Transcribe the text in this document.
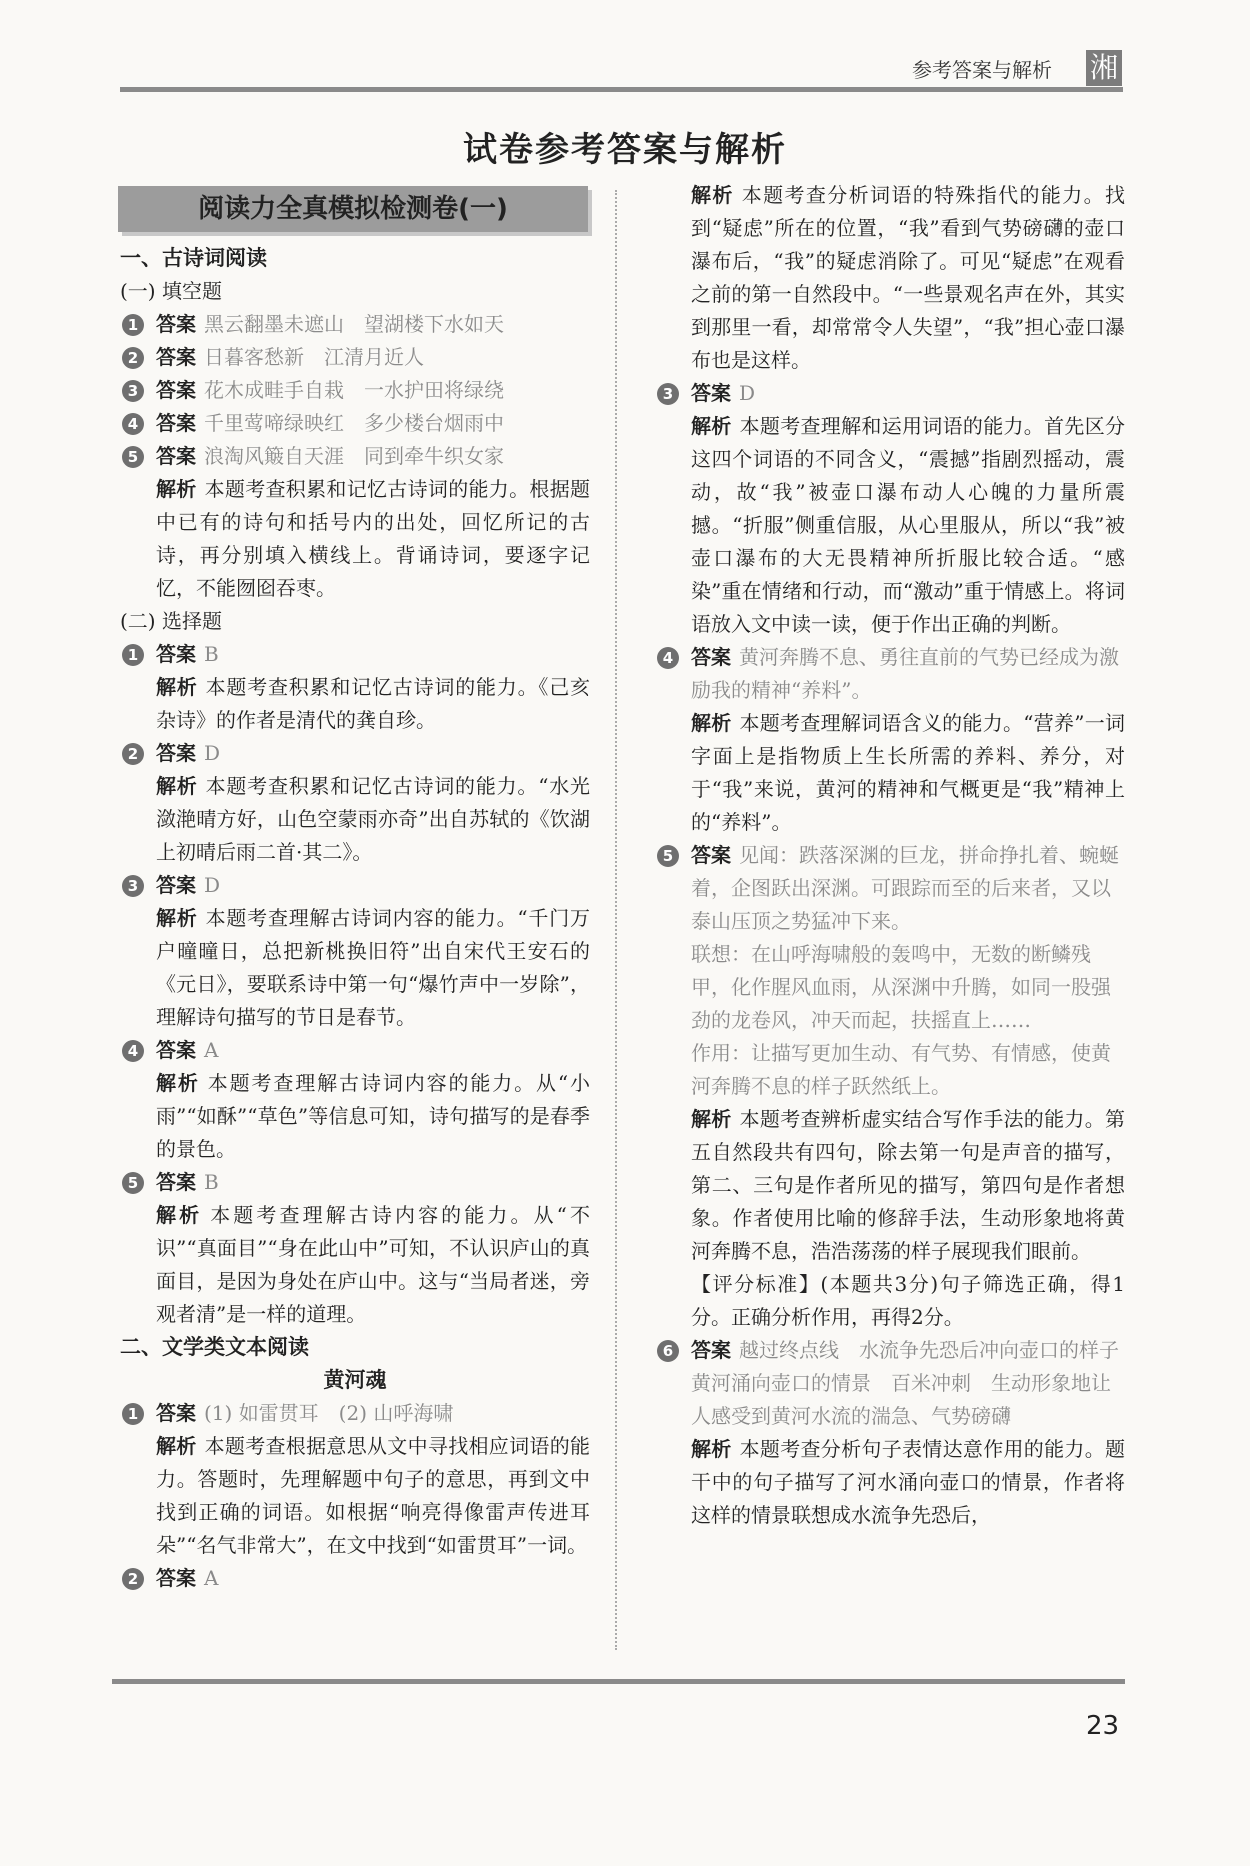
参考答案与解析 湘
试卷参考答案与解析
阅读力全真模拟检测卷(一)

一、古诗词阅读

(一) 填空题

1 答案 黑云翻墨未遮山　望湖楼下水如天

2 答案 日暮客愁新　江清月近人

3 答案 花木成畦手自栽　一水护田将绿绕

4 答案 千里莺啼绿映红　多少楼台烟雨中

5 答案 浪淘风簸自天涯　同到牵牛织女家

解析 本题考查积累和记忆古诗词的能力。根据题中已有的诗句和括号内的出处，回忆所记的古诗，再分别填入横线上。背诵诗词，要逐字记忆，不能囫囵吞枣。

(二) 选择题

1 答案 B

解析 本题考查积累和记忆古诗词的能力。《己亥杂诗》的作者是清代的龚自珍。

2 答案 D

解析 本题考查积累和记忆古诗词的能力。“水光潋滟晴方好，山色空蒙雨亦奇”出自苏轼的《饮湖上初晴后雨二首·其二》。

3 答案 D

解析 本题考查理解古诗词内容的能力。“千门万户曈曈日，总把新桃换旧符”出自宋代王安石的《元日》，要联系诗中第一句“爆竹声中一岁除”，理解诗句描写的节日是春节。

4 答案 A

解析 本题考查理解古诗词内容的能力。从“小雨”“如酥”“草色”等信息可知，诗句描写的是春季的景色。

5 答案 B

解析 本题考查理解古诗内容的能力。从“不识”“真面目”“身在此山中”可知，不认识庐山的真面目，是因为身处在庐山中。这与“当局者迷，旁观者清”是一样的道理。

二、文学类文本阅读

黄河魂

1 答案 (1) 如雷贯耳　(2) 山呼海啸

解析 本题考查根据意思从文中寻找相应词语的能力。答题时，先理解题中句子的意思，再到文中找到正确的词语。如根据“响亮得像雷声传进耳朵”“名气非常大”，在文中找到“如雷贯耳”一词。

2 答案 A

解析 本题考查分析词语的特殊指代的能力。找到“疑虑”所在的位置，“我”看到气势磅礴的壶口瀑布后，“我”的疑虑消除了。可见“疑虑”在观看之前的第一自然段中。“一些景观名声在外，其实到那里一看，却常常令人失望”，“我”担心壶口瀑布也是这样。

3 答案 D

解析 本题考查理解和运用词语的能力。首先区分这四个词语的不同含义，“震撼”指剧烈摇动，震动，故“我”被壶口瀑布动人心魄的力量所震撼。“折服”侧重信服，从心里服从，所以“我”被壶口瀑布的大无畏精神所折服比较合适。“感染”重在情绪和行动，而“激动”重于情感上。将词语放入文中读一读，便于作出正确的判断。

4 答案 黄河奔腾不息、勇往直前的气势已经成为激励我的精神“养料”。

解析 本题考查理解词语含义的能力。“营养”一词字面上是指物质上生长所需的养料、养分，对于“我”来说，黄河的精神和气概更是“我”精神上的“养料”。

5 答案 见闻：跌落深渊的巨龙，拼命挣扎着、蜿蜒着，企图跃出深渊。可跟踪而至的后来者，又以泰山压顶之势猛冲下来。

联想：在山呼海啸般的轰鸣中，无数的断鳞残甲，化作腥风血雨，从深渊中升腾，如同一股强劲的龙卷风，冲天而起，扶摇直上……

作用：让描写更加生动、有气势、有情感，使黄河奔腾不息的样子跃然纸上。

解析 本题考查辨析虚实结合写作手法的能力。第五自然段共有四句，除去第一句是声音的描写，第二、三句是作者所见的描写，第四句是作者想象。作者使用比喻的修辞手法，生动形象地将黄河奔腾不息，浩浩荡荡的样子展现我们眼前。

【评分标准】(本题共3分)句子筛选正确，得1分。正确分析作用，再得2分。

6 答案 越过终点线　水流争先恐后冲向壶口的样子　黄河涌向壶口的情景　百米冲刺　生动形象地让人感受到黄河水流的湍急、气势磅礴

解析 本题考查分析句子表情达意作用的能力。题干中的句子描写了河水涌向壶口的情景，作者将这样的情景联想成水流争先恐后，

23
